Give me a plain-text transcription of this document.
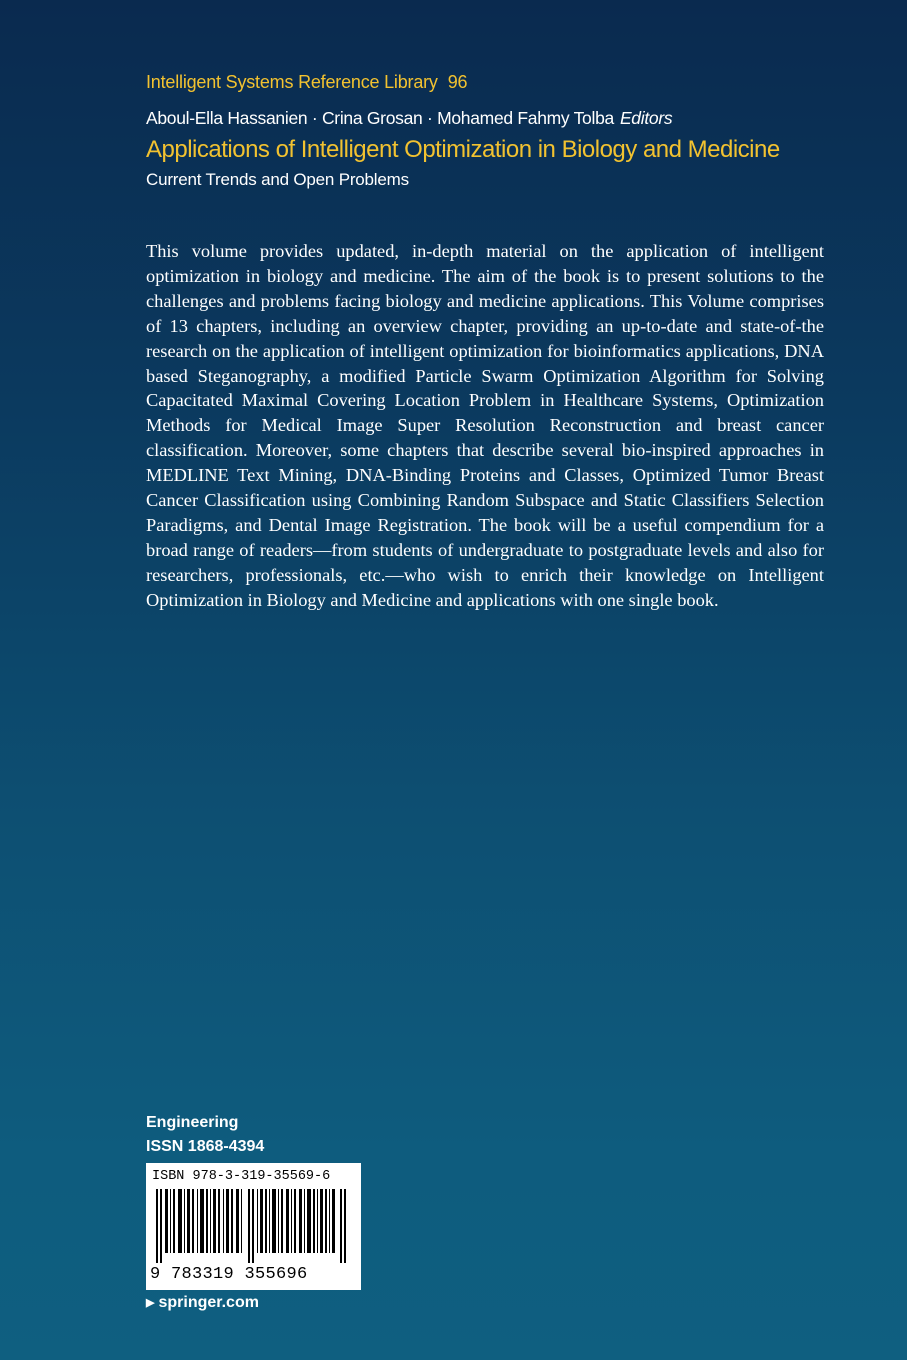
Intelligent Systems Reference Library 96
Aboul-Ella Hassanien · Crina Grosan · Mohamed Fahmy Tolba Editors
Applications of Intelligent Optimization in Biology and Medicine
Current Trends and Open Problems

This volume provides updated, in-depth material on the application of intelligent optimization in biology and medicine. The aim of the book is to present solutions to the challenges and problems facing biology and medicine applications. This Volume comprises of 13 chapters, including an overview chapter, providing an up-to-date and state-of-the research on the application of intelligent optimization for bioinformatics applications, DNA based Steganography, a modified Particle Swarm Optimization Algorithm for Solving Capacitated Maximal Covering Location Problem in Healthcare Systems, Optimization Methods for Medical Image Super Resolution Reconstruction and breast cancer classification. Moreover, some chapters that describe several bio-inspired approaches in MEDLINE Text Mining, DNA-Binding Proteins and Classes, Optimized Tumor Breast Cancer Classification using Combining Random Subspace and Static Classifiers Selection Paradigms, and Dental Image Registration. The book will be a useful compendium for a broad range of readers—from students of undergraduate to postgraduate levels and also for researchers, professionals, etc.—who wish to enrich their knowledge on Intelligent Optimization in Biology and Medicine and applications with one single book.

Engineering
ISSN 1868-4394
ISBN 978-3-319-35569-6
9 783319 355696
▶ springer.com
